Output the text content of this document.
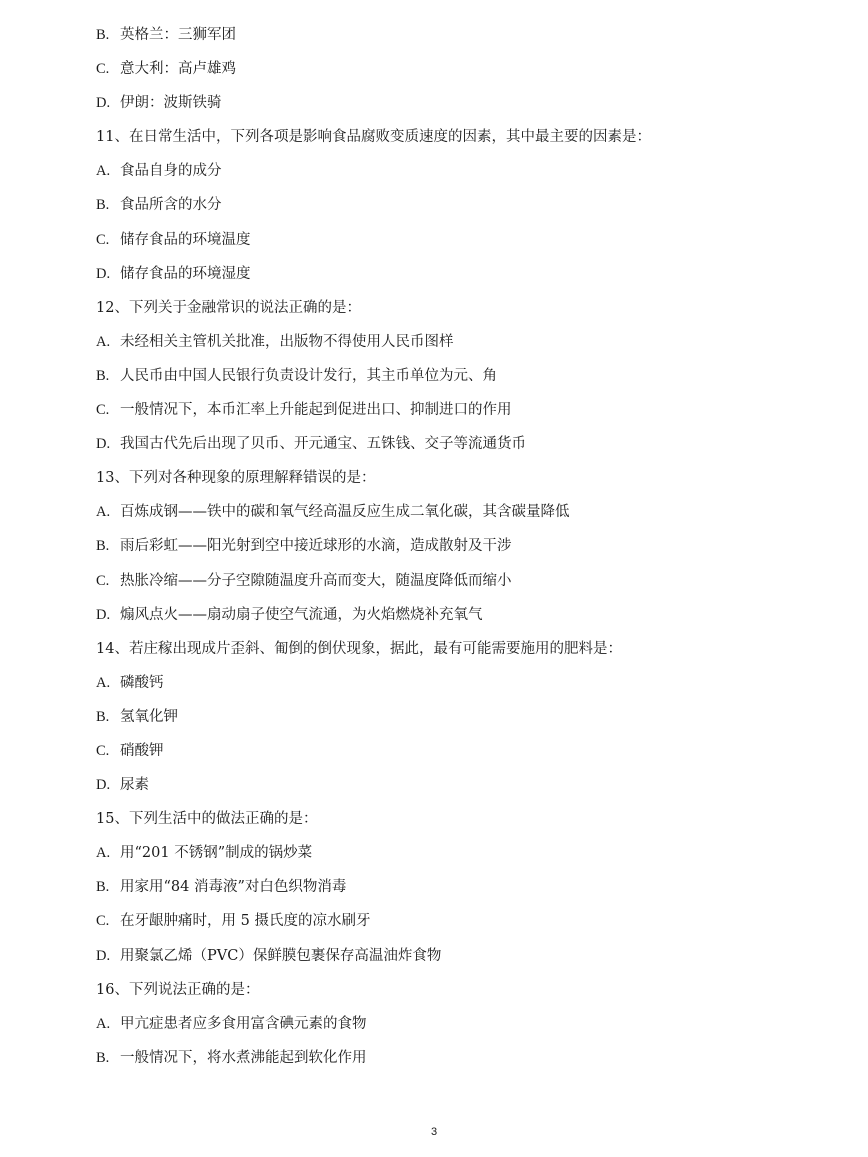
B. 英格兰：三狮军团
C. 意大利：高卢雄鸡
D. 伊朗：波斯铁骑
11、在日常生活中，下列各项是影响食品腐败变质速度的因素，其中最主要的因素是：
A. 食品自身的成分
B. 食品所含的水分
C. 储存食品的环境温度
D. 储存食品的环境湿度
12、下列关于金融常识的说法正确的是：
A. 未经相关主管机关批准，出版物不得使用人民币图样
B. 人民币由中国人民银行负责设计发行，其主币单位为元、角
C. 一般情况下，本币汇率上升能起到促进出口、抑制进口的作用
D. 我国古代先后出现了贝币、开元通宝、五铢钱、交子等流通货币
13、下列对各种现象的原理解释错误的是：
A. 百炼成钢——铁中的碳和氧气经高温反应生成二氧化碳，其含碳量降低
B. 雨后彩虹——阳光射到空中接近球形的水滴，造成散射及干涉
C. 热胀冷缩——分子空隙随温度升高而变大，随温度降低而缩小
D. 煽风点火——扇动扇子使空气流通，为火焰燃烧补充氧气
14、若庄稼出现成片歪斜、匍倒的倒伏现象，据此，最有可能需要施用的肥料是：
A. 磷酸钙
B. 氢氧化钾
C. 硝酸钾
D. 尿素
15、下列生活中的做法正确的是：
A. 用“201 不锈钢”制成的锅炒菜
B. 用家用“84 消毒液”对白色织物消毒
C. 在牙龈肿痛时，用 5 摄氏度的凉水刷牙
D. 用聚氯乙烯（PVC）保鲜膜包裹保存高温油炸食物
16、下列说法正确的是：
A. 甲亢症患者应多食用富含碘元素的食物
B. 一般情况下，将水煮沸能起到软化作用
3
